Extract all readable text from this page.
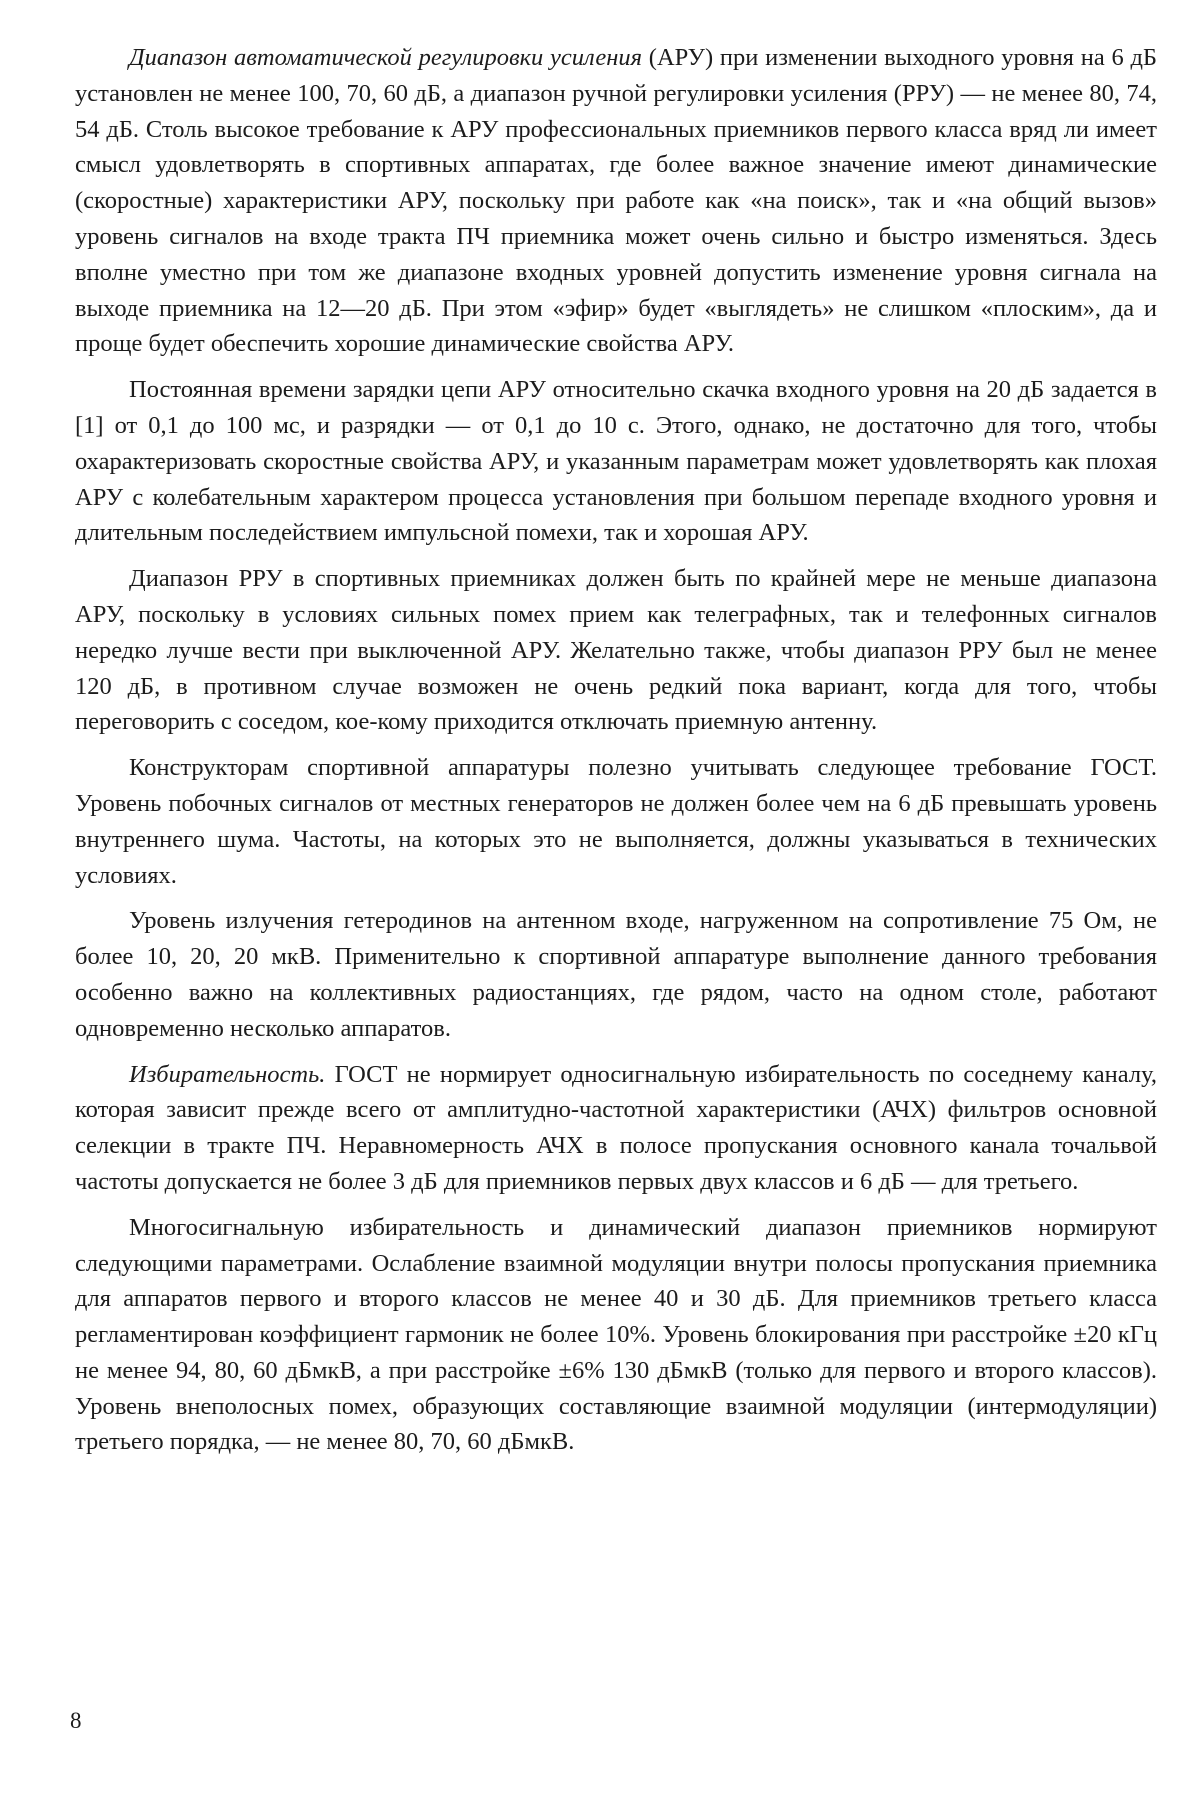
Диапазон автоматической регулировки усиления (АРУ) при изменении выходного уровня на 6 дБ установлен не менее 100, 70, 60 дБ, а диапазон ручной регулировки усиления (РРУ) — не менее 80, 74, 54 дБ. Столь высокое требование к АРУ профессиональных приемников первого класса вряд ли имеет смысл удовлетворять в спортивных аппаратах, где более важное значение имеют динамические (скоростные) характеристики АРУ, поскольку при работе как «на поиск», так и «на общий вызов» уровень сигналов на входе тракта ПЧ приемника может очень сильно и быстро изменяться. Здесь вполне уместно при том же диапазоне входных уровней допустить изменение уровня сигнала на выходе приемника на 12—20 дБ. При этом «эфир» будет «выглядеть» не слишком «плоским», да и проще будет обеспечить хорошие динамические свойства АРУ.

Постоянная времени зарядки цепи АРУ относительно скачка входного уровня на 20 дБ задается в [1] от 0,1 до 100 мс, и разрядки — от 0,1 до 10 с. Этого, однако, не достаточно для того, чтобы охарактеризовать скоростные свойства АРУ, и указанным параметрам может удовлетворять как плохая АРУ с колебательным характером процесса установления при большом перепаде входного уровня и длительным последействием импульсной помехи, так и хорошая АРУ.

Диапазон РРУ в спортивных приемниках должен быть по крайней мере не меньше диапазона АРУ, поскольку в условиях сильных помех прием как телеграфных, так и телефонных сигналов нередко лучше вести при выключенной АРУ. Желательно также, чтобы диапазон РРУ был не менее 120 дБ, в противном случае возможен не очень редкий пока вариант, когда для того, чтобы переговорить с соседом, кое-кому приходится отключать приемную антенну.

Конструкторам спортивной аппаратуры полезно учитывать следующее требование ГОСТ. Уровень побочных сигналов от местных генераторов не должен более чем на 6 дБ превышать уровень внутреннего шума. Частоты, на которых это не выполняется, должны указываться в технических условиях.

Уровень излучения гетеродинов на антенном входе, нагруженном на сопротивление 75 Ом, не более 10, 20, 20 мкВ. Применительно к спортивной аппаратуре выполнение данного требования особенно важно на коллективных радиостанциях, где рядом, часто на одном столе, работают одновременно несколько аппаратов.

Избирательность. ГОСТ не нормирует односигнальную избирательность по соседнему каналу, которая зависит прежде всего от амплитудно-частотной характеристики (АЧХ) фильтров основной селекции в тракте ПЧ. Неравномерность АЧХ в полосе пропускания основного канала точальвой частоты допускается не более 3 дБ для приемников первых двух классов и 6 дБ — для третьего.

Многосигнальную избирательность и динамический диапазон приемников нормируют следующими параметрами. Ослабление взаимной модуляции внутри полосы пропускания приемника для аппаратов первого и второго классов не менее 40 и 30 дБ. Для приемников третьего класса регламентирован коэффициент гармоник не более 10%. Уровень блокирования при расстройке ±20 кГц не менее 94, 80, 60 дБмкВ, а при расстройке ±6% 130 дБмкВ (только для первого и второго классов). Уровень внеполосных помех, образующих составляющие взаимной модуляции (интермодуляции) третьего порядка, — не менее 80, 70, 60 дБмкВ.

8
